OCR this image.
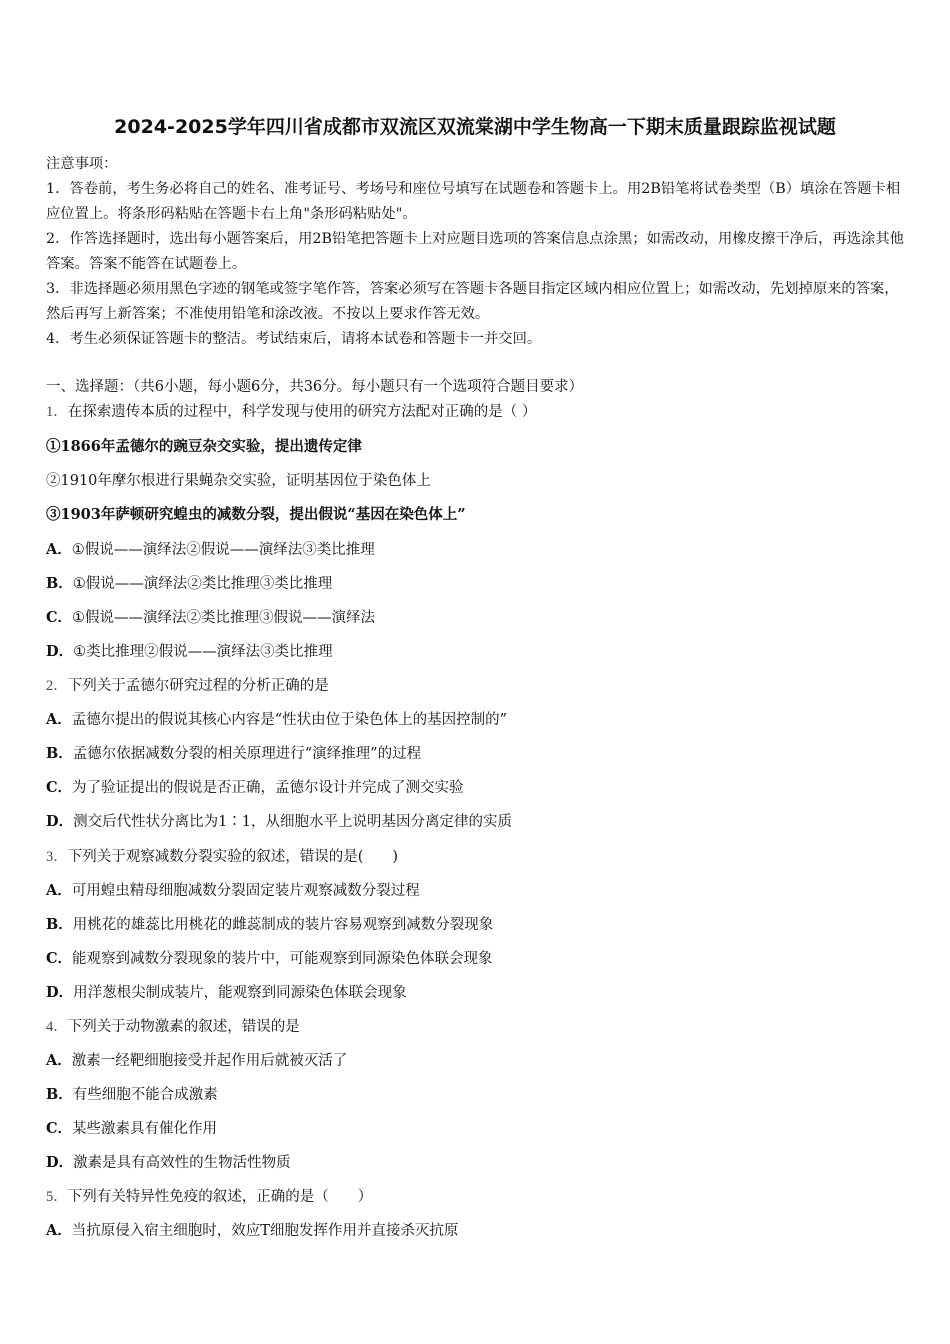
2024-2025学年四川省成都市双流区双流棠湖中学生物高一下期末质量跟踪监视试题

注意事项：

1．答卷前，考生务必将自己的姓名、准考证号、考场号和座位号填写在试题卷和答题卡上。用2B铅笔将试卷类型（B）填涂在答题卡相应位置上。将条形码粘贴在答题卡右上角"条形码粘贴处"。

2．作答选择题时，选出每小题答案后，用2B铅笔把答题卡上对应题目选项的答案信息点涂黑；如需改动，用橡皮擦干净后，再选涂其他答案。答案不能答在试题卷上。

3．非选择题必须用黑色字迹的钢笔或签字笔作答，答案必须写在答题卡各题目指定区域内相应位置上；如需改动，先划掉原来的答案，然后再写上新答案；不准使用铅笔和涂改液。不按以上要求作答无效。

4．考生必须保证答题卡的整洁。考试结束后，请将本试卷和答题卡一并交回。

一、选择题：（共6小题，每小题6分，共36分。每小题只有一个选项符合题目要求）
1．在探索遗传本质的过程中，科学发现与使用的研究方法配对正确的是（ ）
①1866年孟德尔的豌豆杂交实验，提出遗传定律
②1910年摩尔根进行果蝇杂交实验，证明基因位于染色体上
③1903年萨顿研究蝗虫的减数分裂，提出假说“基因在染色体上”
A．①假说——演绎法②假说——演绎法③类比推理
B．①假说——演绎法②类比推理③类比推理
C．①假说——演绎法②类比推理③假说——演绎法
D．①类比推理②假说——演绎法③类比推理
2．下列关于孟德尔研究过程的分析正确的是
A．孟德尔提出的假说其核心内容是“性状由位于染色体上的基因控制的”
B．孟德尔依据减数分裂的相关原理进行“演绎推理”的过程
C．为了验证提出的假说是否正确，孟德尔设计并完成了测交实验
D．测交后代性状分离比为1∶1，从细胞水平上说明基因分离定律的实质
3．下列关于观察减数分裂实验的叙述，错误的是(　　)
A．可用蝗虫精母细胞减数分裂固定装片观察减数分裂过程
B．用桃花的雄蕊比用桃花的雌蕊制成的装片容易观察到减数分裂现象
C．能观察到减数分裂现象的装片中，可能观察到同源染色体联会现象
D．用洋葱根尖制成装片，能观察到同源染色体联会现象
4．下列关于动物激素的叙述，错误的是
A．激素一经靶细胞接受并起作用后就被灭活了
B．有些细胞不能合成激素
C．某些激素具有催化作用
D．激素是具有高效性的生物活性物质
5．下列有关特异性免疫的叙述，正确的是（　　）
A．当抗原侵入宿主细胞时，效应T细胞发挥作用并直接杀灭抗原
